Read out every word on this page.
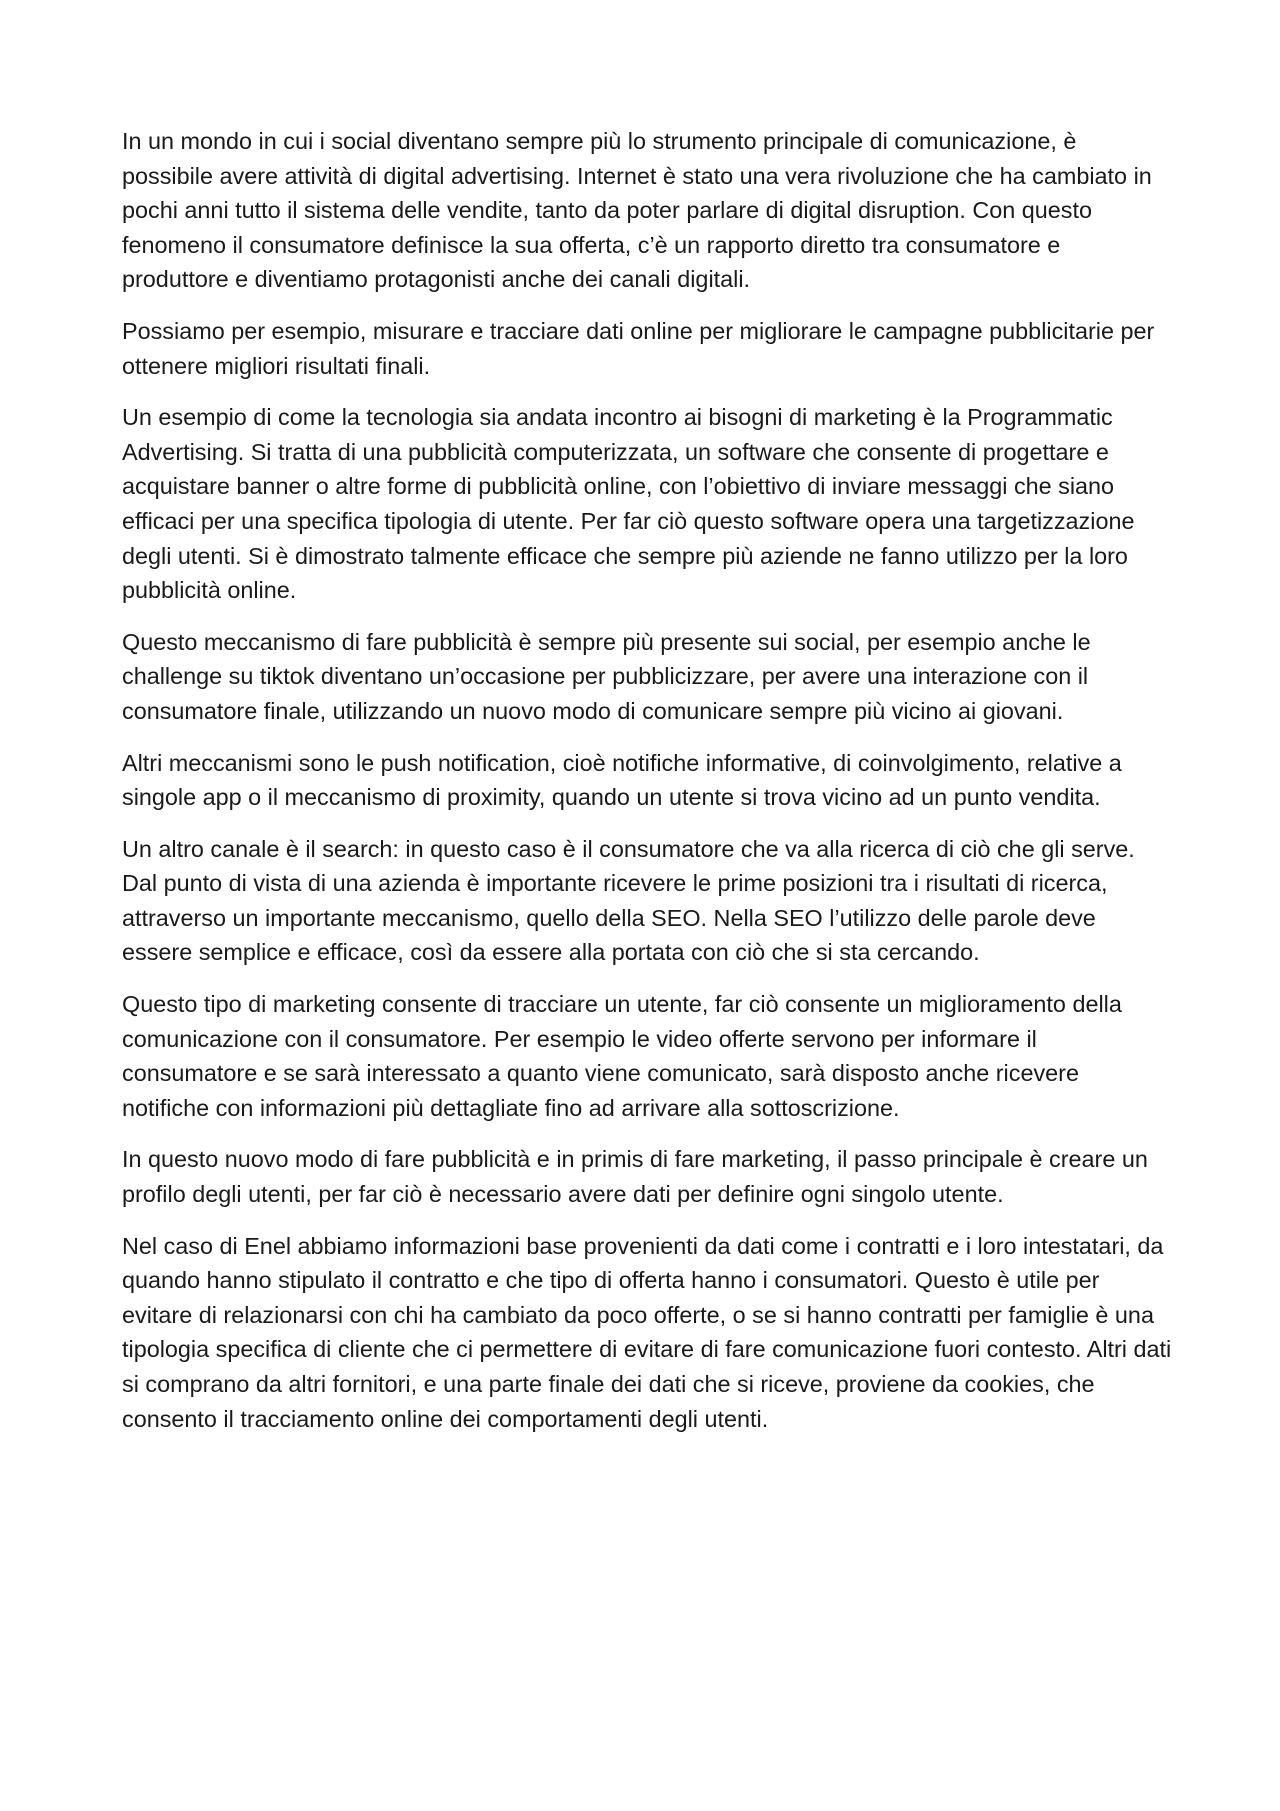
In un mondo in cui i social diventano sempre più lo strumento principale di comunicazione, è possibile avere attività di digital advertising. Internet è stato una vera rivoluzione che ha cambiato in pochi anni tutto il sistema delle vendite, tanto da poter parlare di digital disruption. Con questo fenomeno il consumatore definisce la sua offerta, c’è un rapporto diretto tra consumatore e produttore e diventiamo protagonisti anche dei canali digitali.

Possiamo per esempio, misurare e tracciare dati online per migliorare le campagne pubblicitarie per ottenere migliori risultati finali.

Un esempio di come la tecnologia sia andata incontro ai bisogni di marketing è la Programmatic Advertising. Si tratta di una pubblicità computerizzata, un software che consente di progettare e acquistare banner o altre forme di pubblicità online, con l’obiettivo di inviare messaggi che siano efficaci per una specifica tipologia di utente. Per far ciò questo software opera una targetizzazione degli utenti. Si è dimostrato talmente efficace che sempre più aziende ne fanno utilizzo per la loro pubblicità online.

Questo meccanismo di fare pubblicità è sempre più presente sui social, per esempio anche le challenge su tiktok diventano un’occasione per pubblicizzare, per avere una interazione con il consumatore finale, utilizzando un nuovo modo di comunicare sempre più vicino ai giovani.

Altri meccanismi sono le push notification, cioè notifiche informative, di coinvolgimento, relative a singole app o il meccanismo di proximity, quando un utente si trova vicino ad un punto vendita.

Un altro canale è il search: in questo caso è il consumatore che va alla ricerca di ciò che gli serve. Dal punto di vista di una azienda è importante ricevere le prime posizioni tra i risultati di ricerca, attraverso un importante meccanismo, quello della SEO. Nella SEO l’utilizzo delle parole deve essere semplice e efficace, così da essere alla portata con ciò che si sta cercando.

Questo tipo di marketing consente di tracciare un utente, far ciò consente un miglioramento della comunicazione con il consumatore. Per esempio le video offerte servono per informare il consumatore e se sarà interessato a quanto viene comunicato, sarà disposto anche ricevere notifiche con informazioni più dettagliate fino ad arrivare alla sottoscrizione.

In questo nuovo modo di fare pubblicità e in primis di fare marketing, il passo principale è creare un profilo degli utenti, per far ciò è necessario avere dati per definire ogni singolo utente.

Nel caso di Enel abbiamo informazioni base provenienti da dati come i contratti e i loro intestatari, da quando hanno stipulato il contratto e che tipo di offerta hanno i consumatori. Questo è utile per evitare di relazionarsi con chi ha cambiato da poco offerte, o se si hanno contratti per famiglie è una tipologia specifica di cliente che ci permettere di evitare di fare comunicazione fuori contesto. Altri dati si comprano da altri fornitori, e una parte finale dei dati che si riceve, proviene da cookies, che consento il tracciamento online dei comportamenti degli utenti.
